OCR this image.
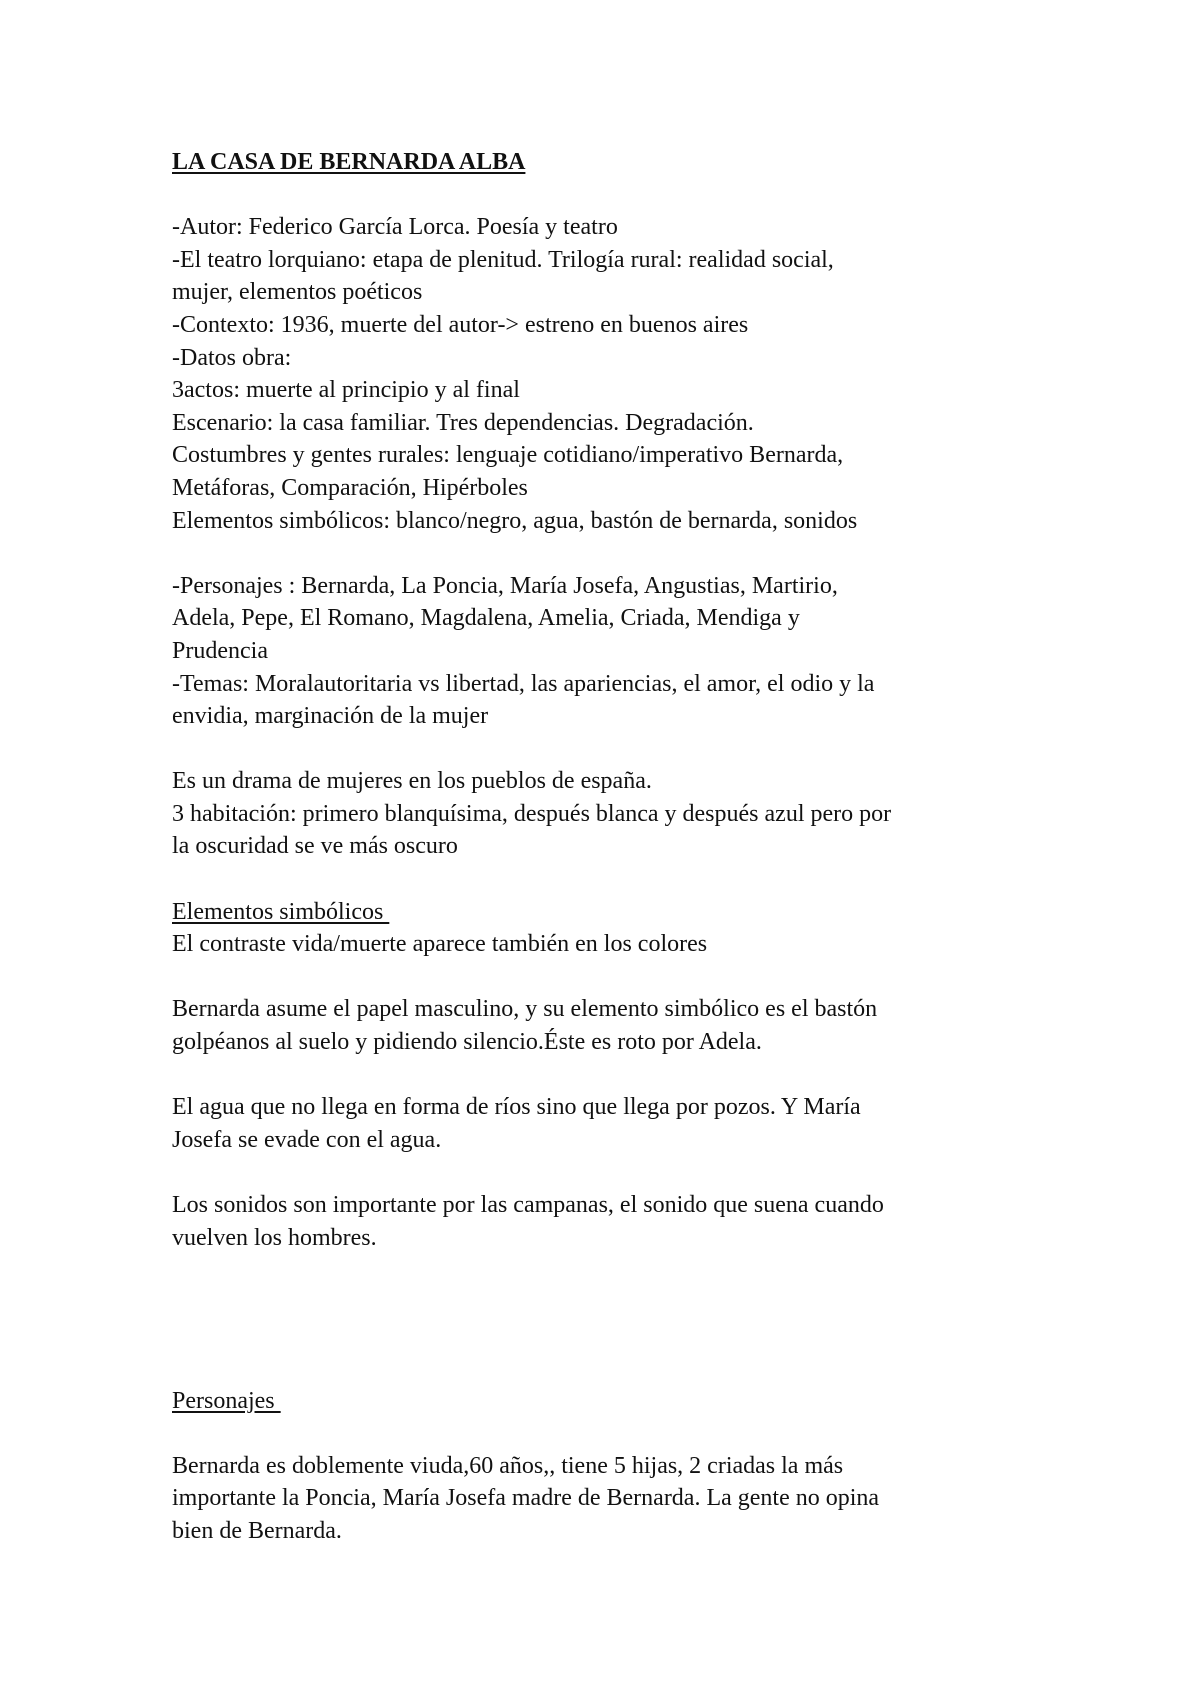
LA CASA DE BERNARDA ALBA
-Autor: Federico García Lorca. Poesía y teatro
-El teatro lorquiano: etapa de plenitud. Trilogía rural: realidad social,
mujer, elementos poéticos
-Contexto: 1936, muerte del autor-> estreno en buenos aires
-Datos obra:
3actos: muerte al principio y al final
Escenario: la casa familiar. Tres dependencias. Degradación.
Costumbres y gentes rurales: lenguaje cotidiano/imperativo Bernarda,
Metáforas, Comparación, Hipérboles
Elementos simbólicos: blanco/negro, agua, bastón de bernarda, sonidos
-Personajes : Bernarda, La Poncia, María Josefa, Angustias, Martirio,
Adela, Pepe, El Romano, Magdalena, Amelia, Criada, Mendiga y
Prudencia
-Temas: Moralautoritaria vs libertad, las apariencias, el amor, el odio y la
envidia, marginación de la mujer
Es un drama de mujeres en los pueblos de españa.
3 habitación: primero blanquísima, después blanca y después azul pero por
la oscuridad se ve más oscuro
Elementos simbólicos
El contraste vida/muerte aparece también en los colores
Bernarda asume el papel masculino, y su elemento simbólico es el bastón
golpéanos al suelo y pidiendo silencio.Éste es roto por Adela.
El agua que no llega en forma de ríos sino que llega por pozos. Y María
Josefa se evade con el agua.
Los sonidos son importante por las campanas, el sonido que suena cuando
vuelven los hombres.
Personajes
Bernarda es doblemente viuda,60 años,, tiene 5 hijas, 2 criadas la más
importante la Poncia, María Josefa madre de Bernarda. La gente no opina
bien de Bernarda.
